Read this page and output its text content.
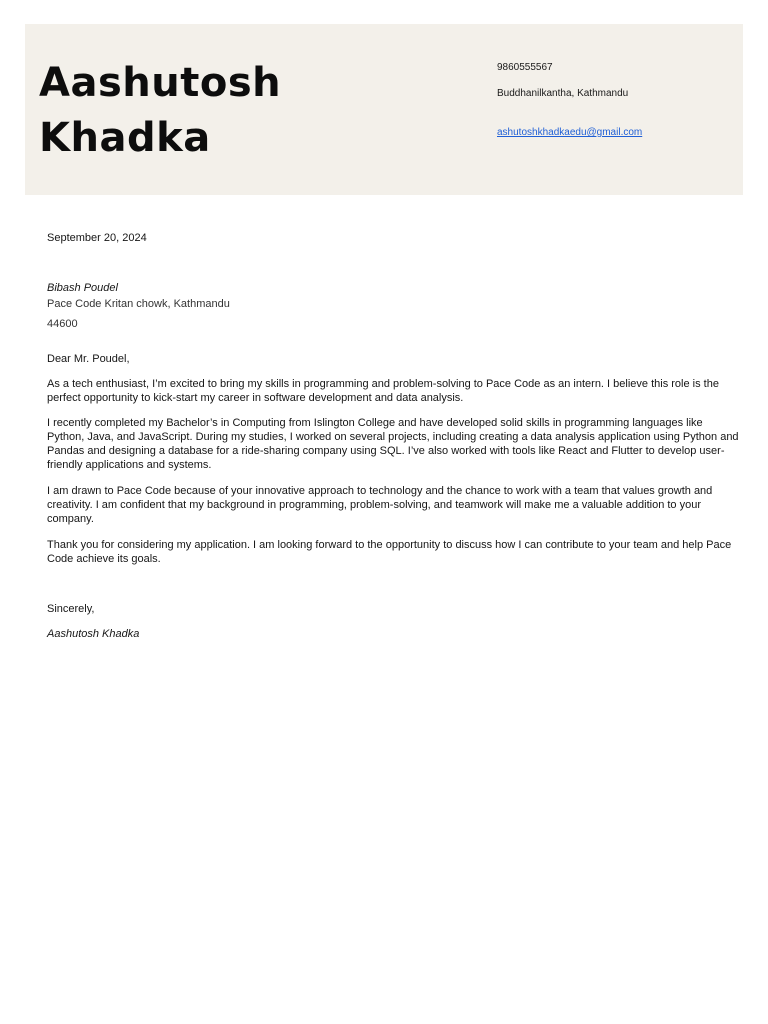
Aashutosh
Khadka
9860555567
Buddhanilkantha, Kathmandu
ashutoshkhadkaedu@gmail.com
September 20, 2024
Bibash Poudel
Pace Code Kritan chowk, Kathmandu
44600
Dear Mr. Poudel,

As a tech enthusiast, I’m excited to bring my skills in programming and problem-solving to Pace Code as an intern. I believe this role is the perfect opportunity to kick-start my career in software development and data analysis.

I recently completed my Bachelor’s in Computing from Islington College and have developed solid skills in programming languages like Python, Java, and JavaScript. During my studies, I worked on several projects, including creating a data analysis application using Python and Pandas and designing a database for a ride-sharing company using SQL. I’ve also worked with tools like React and Flutter to develop user-friendly applications and systems.

I am drawn to Pace Code because of your innovative approach to technology and the chance to work with a team that values growth and creativity. I am confident that my background in programming, problem-solving, and teamwork will make me a valuable addition to your company.

Thank you for considering my application. I am looking forward to the opportunity to discuss how I can contribute to your team and help Pace Code achieve its goals.

Sincerely,
Aashutosh Khadka
